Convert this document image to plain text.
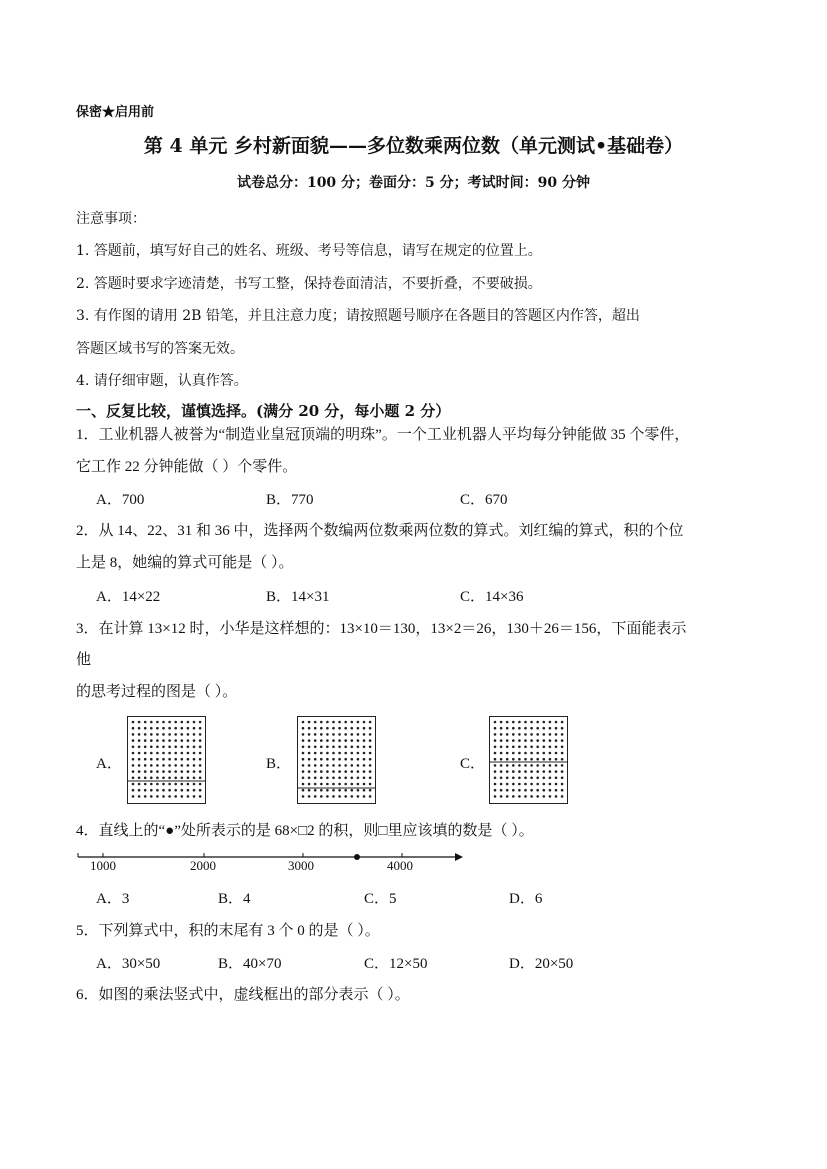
保密★启用前
第 4 单元 乡村新面貌——多位数乘两位数（单元测试•基础卷）
试卷总分：100 分；卷面分：5 分；考试时间：90 分钟
注意事项：
1. 答题前，填写好自己的姓名、班级、考号等信息，请写在规定的位置上。
2. 答题时要求字迹清楚，书写工整，保持卷面清洁，不要折叠，不要破损。
3. 有作图的请用 2B 铅笔，并且注意力度；请按照题号顺序在各题目的答题区内作答，超出
答题区域书写的答案无效。
4. 请仔细审题，认真作答。
一、反复比较，谨慎选择。(满分 20 分，每小题 2 分）
1．工业机器人被誉为“制造业皇冠顶端的明珠”。一个工业机器人平均每分钟能做 35 个零件，
它工作 22 分钟能做（ ）个零件。
A．700	B．770	C．670
2．从 14、22、31 和 36 中，选择两个数编两位数乘两位数的算式。刘红编的算式，积的个位
上是 8，她编的算式可能是（ ）。
A．14×22	B．14×31	C．14×36
3．在计算 13×12 时，小华是这样想的：13×10＝130，13×2＝26，130＋26＝156，下面能表示
他
的思考过程的图是（ ）。
A．	B．	C．
4．直线上的“●”处所表示的是 68×□2 的积，则□里应该填的数是（ ）。
1000	2000	3000	4000
A．3	B．4	C．5	D．6
5．下列算式中，积的末尾有 3 个 0 的是（ ）。
A．30×50	B．40×70	C．12×50	D．20×50
6．如图的乘法竖式中，虚线框出的部分表示（ ）。
